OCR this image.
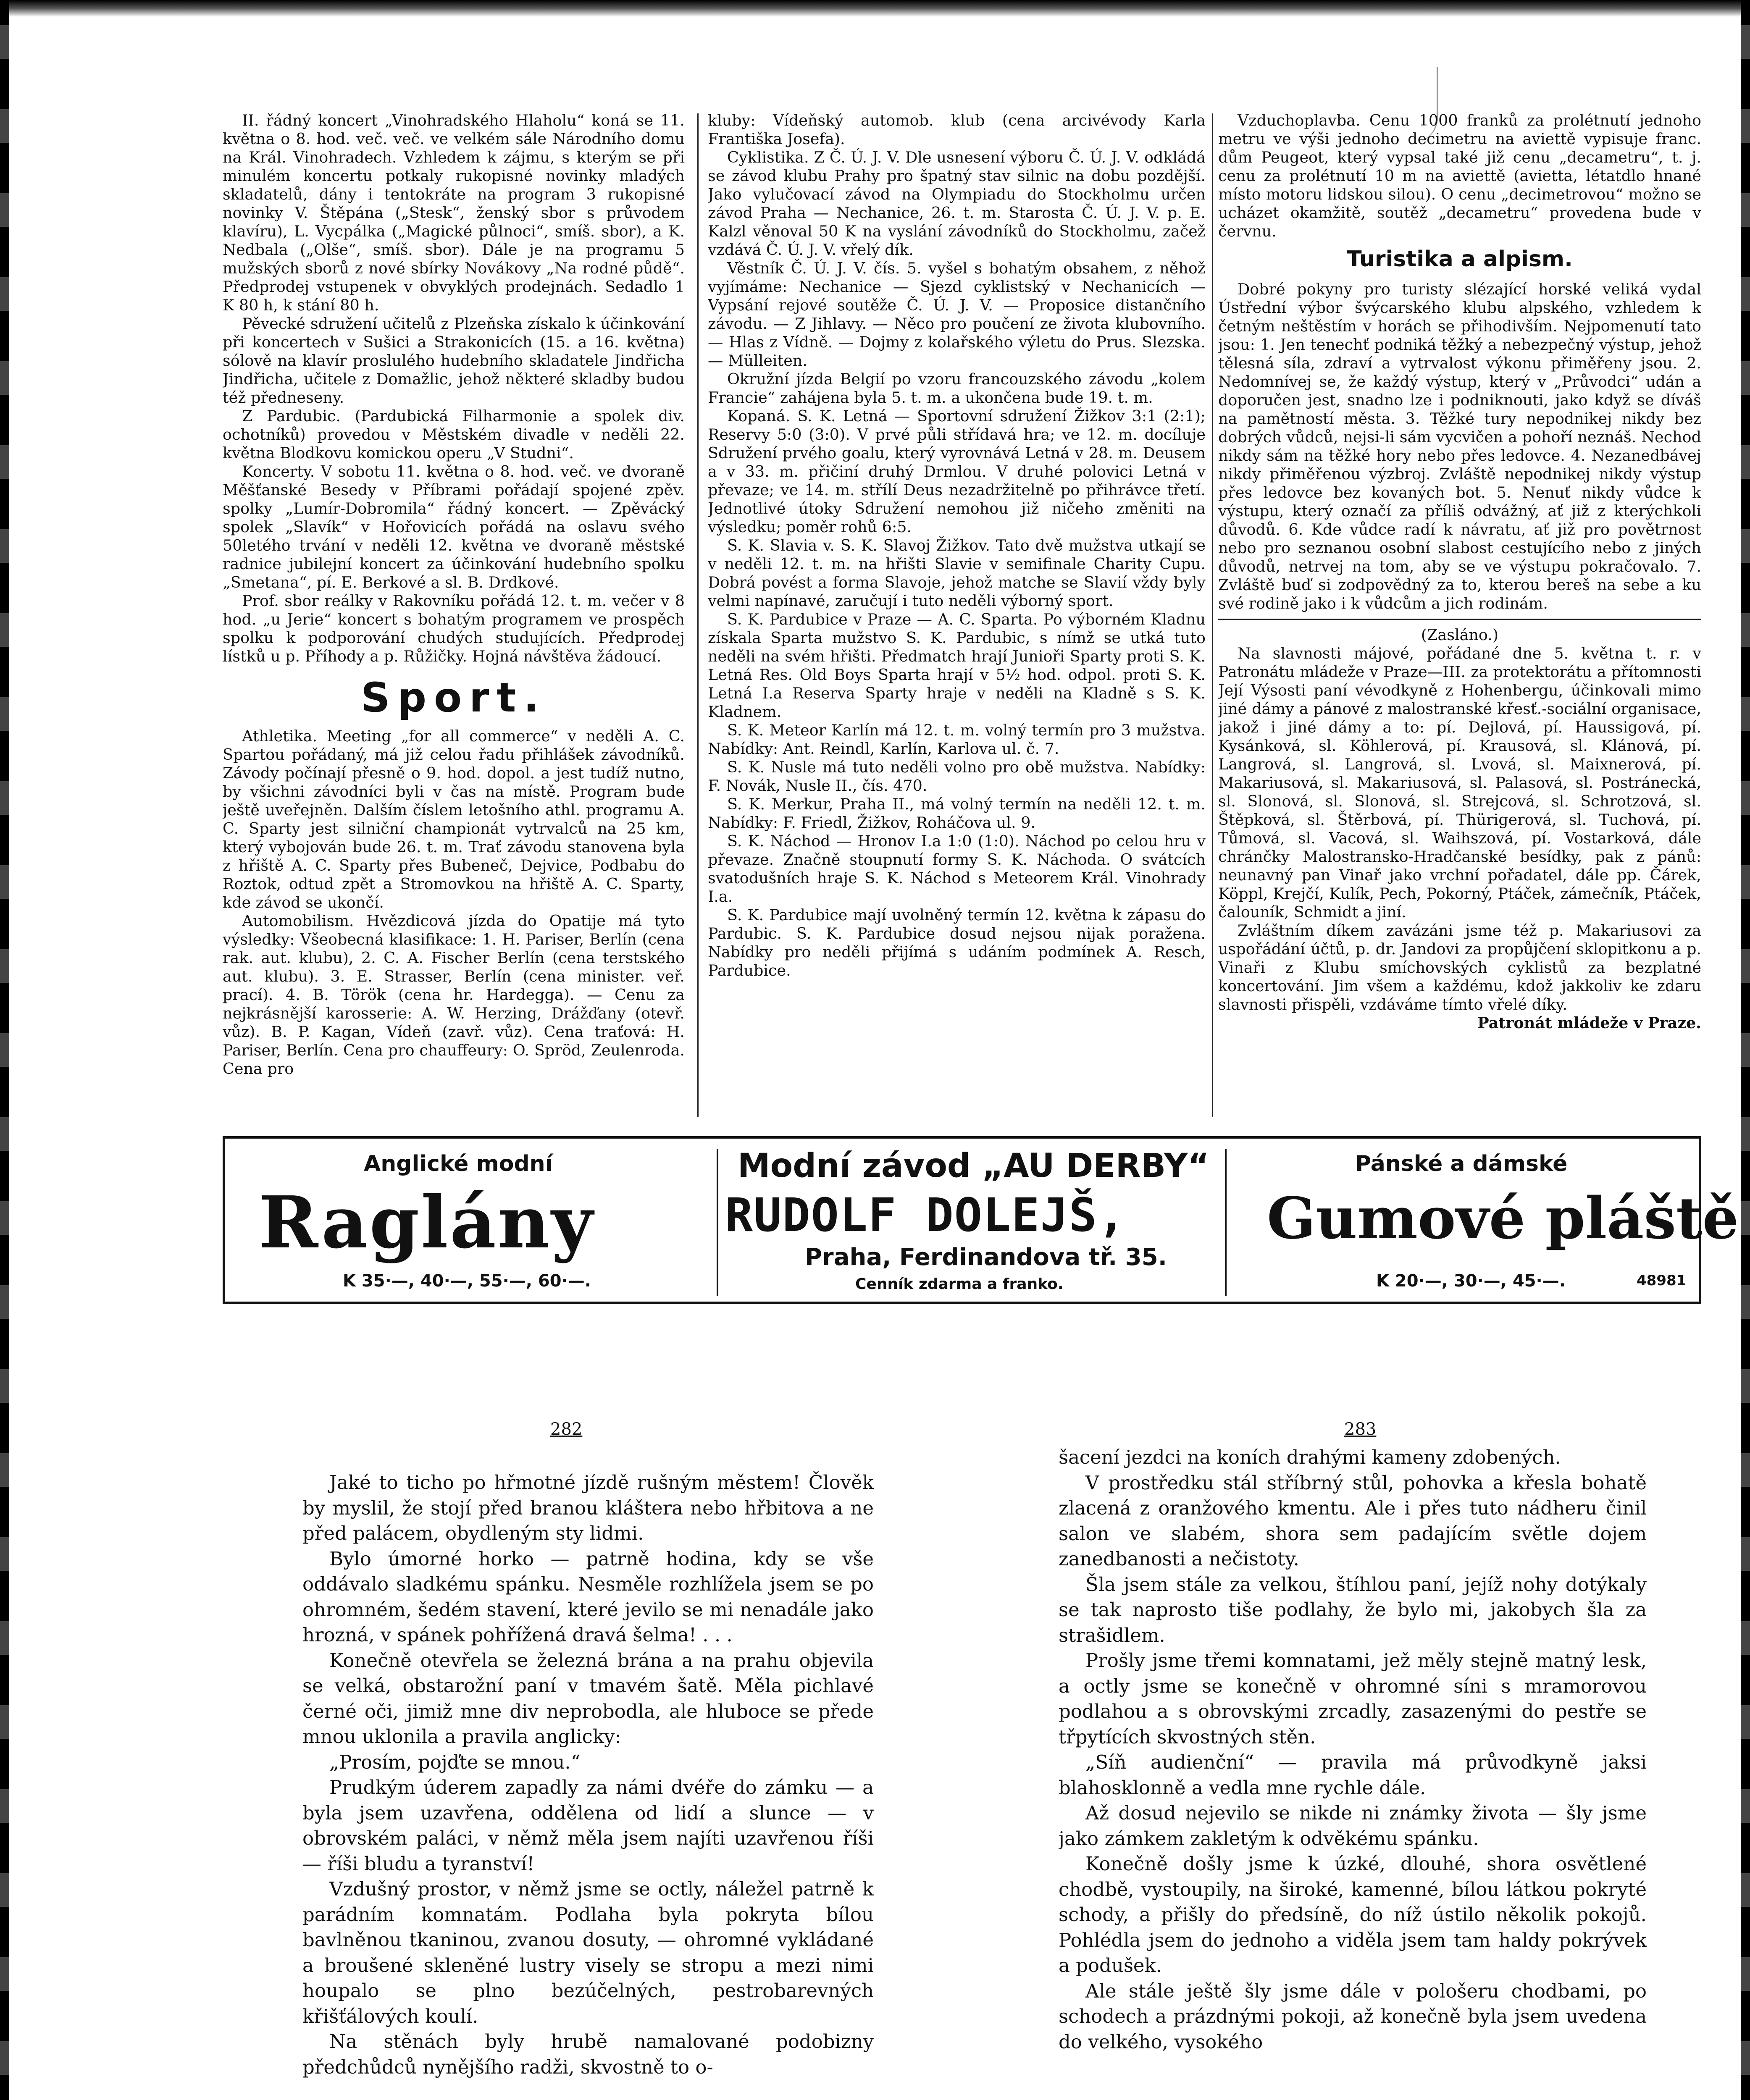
II. řádný koncert „Vinohradského Hlaholu“ koná se 11. května o 8. hod. več. več. ve velkém sále Národního domu na Král. Vinohradech. Vzhledem k zájmu, s kterým se při minulém koncertu potkaly rukopisné novinky mladých skladatelů, dány i tentokráte na program 3 rukopisné novinky V. Štěpána („Stesk“, ženský sbor s průvodem klavíru), L. Vycpálka („Magické půlnoci“, smíš. sbor), a K. Nedbala („Olše“, smíš. sbor). Dále je na programu 5 mužských sborů z nové sbírky Novákovy „Na rodné půdě“. Předprodej vstupenek v obvyklých prodejnách. Sedadlo 1 K 80 h, k stání 80 h.

Pěvecké sdružení učitelů z Plzeňska získalo k účinkování při koncertech v Sušici a Strakonicích (15. a 16. května) sólově na klavír proslulého hudebního skladatele Jindřicha Jindřicha, učitele z Domažlic, jehož některé skladby budou též předneseny.

Z Pardubic. (Pardubická Filharmonie a spolek div. ochotníků) provedou v Městském divadle v neděli 22. května Blodkovu komickou operu „V Studni“.

Koncerty. V sobotu 11. května o 8. hod. več. ve dvoraně Měšťanské Besedy v Příbrami pořádají spojené zpěv. spolky „Lumír-Dobromila“ řádný koncert. — Zpěvácký spolek „Slavík“ v Hořovicích pořádá na oslavu svého 50letého trvání v neděli 12. května ve dvoraně městské radnice jubilejní koncert za účinkování hudebního spolku „Smetana“, pí. E. Berkové a sl. B. Drdkové.

Prof. sbor reálky v Rakovníku pořádá 12. t. m. večer v 8 hod. „u Jerie“ koncert s bohatým programem ve prospěch spolku k podporování chudých studujících. Předprodej lístků u p. Příhody a p. Růžičky. Hojná návštěva žádoucí.

Sport.

Athletika. Meeting „for all commerce“ v neděli A. C. Spartou pořádaný, má již celou řadu přihlášek závodníků. Závody počínají přesně o 9. hod. dopol. a jest tudíž nutno, by všichni závodníci byli v čas na místě. Program bude ještě uveřejněn. Dalším číslem letošního athl. programu A. C. Sparty jest silniční championát vytrvalců na 25 km, který vybojován bude 26. t. m. Trať závodu stanovena byla z hřiště A. C. Sparty přes Bubeneč, Dejvice, Podbabu do Roztok, odtud zpět a Stromovkou na hřiště A. C. Sparty, kde závod se ukončí.

Automobilism. Hvězdicová jízda do Opatije má tyto výsledky: Všeobecná klasifikace: 1. H. Pariser, Berlín (cena rak. aut. klubu), 2. C. A. Fischer Berlín (cena terstského aut. klubu). 3. E. Strasser, Berlín (cena minister. veř. prací). 4. B. Török (cena hr. Hardegga). — Cenu za nejkrásnější karosserie: A. W. Herzing, Drážďany (otevř. vůz). B. P. Kagan, Vídeň (zavř. vůz). Cena traťová: H. Pariser, Berlín. Cena pro chauffeury: O. Spröd, Zeulenroda. Cena pro

kluby: Vídeňský automob. klub (cena arcivévody Karla Františka Josefa).

Cyklistika. Z Č. Ú. J. V. Dle usnesení výboru Č. Ú. J. V. odkládá se závod klubu Prahy pro špatný stav silnic na dobu pozdější. Jako vylučovací závod na Olympiadu do Stockholmu určen závod Praha — Nechanice, 26. t. m. Starosta Č. Ú. J. V. p. E. Kalzl věnoval 50 K na vyslání závodníků do Stockholmu, začež vzdává Č. Ú. J. V. vřelý dík.

Věstník Č. Ú. J. V. čís. 5. vyšel s bohatým obsahem, z něhož vyjímáme: Nechanice — Sjezd cyklistský v Nechanicích — Vypsání rejové soutěže Č. Ú. J. V. — Proposice distančního závodu. — Z Jihlavy. — Něco pro poučení ze života klubovního. — Hlas z Vídně. — Dojmy z kolařského výletu do Prus. Slezska. — Mülleiten.

Okružní jízda Belgií po vzoru francouzského závodu „kolem Francie“ zahájena byla 5. t. m. a ukončena bude 19. t. m.

Kopaná. S. K. Letná — Sportovní sdružení Žižkov 3:1 (2:1); Reservy 5:0 (3:0). V prvé půli střídavá hra; ve 12. m. docíluje Sdružení prvého goalu, který vyrovnává Letná v 28. m. Deusem a v 33. m. přičiní druhý Drmlou. V druhé polovici Letná v převaze; ve 14. m. střílí Deus nezadržitelně po přihrávce třetí. Jednotlivé útoky Sdružení nemohou již ničeho změniti na výsledku; poměr rohů 6:5.

S. K. Slavia v. S. K. Slavoj Žižkov. Tato dvě mužstva utkají se v neděli 12. t. m. na hřišti Slavie v semifinale Charity Cupu. Dobrá povést a forma Slavoje, jehož matche se Slavií vždy byly velmi napínavé, zaručují i tuto neděli výborný sport.

S. K. Pardubice v Praze — A. C. Sparta. Po výborném Kladnu získala Sparta mužstvo S. K. Pardubic, s nímž se utká tuto neděli na svém hřišti. Předmatch hrají Junioři Sparty proti S. K. Letná Res. Old Boys Sparta hrají v 5½ hod. odpol. proti S. K. Letná I.a Reserva Sparty hraje v neděli na Kladně s S. K. Kladnem.

S. K. Meteor Karlín má 12. t. m. volný termín pro 3 mužstva. Nabídky: Ant. Reindl, Karlín, Karlova ul. č. 7.

S. K. Nusle má tuto neděli volno pro obě mužstva. Nabídky: F. Novák, Nusle II., čís. 470.

S. K. Merkur, Praha II., má volný termín na neděli 12. t. m. Nabídky: F. Friedl, Žižkov, Roháčova ul. 9.

S. K. Náchod — Hronov I.a 1:0 (1:0). Náchod po celou hru v převaze. Značně stoupnutí formy S. K. Náchoda. O svátcích svatodušních hraje S. K. Náchod s Meteorem Král. Vinohrady I.a.

S. K. Pardubice mají uvolněný termín 12. května k zápasu do Pardubic. S. K. Pardubice dosud nejsou nijak poražena. Nabídky pro neděli přijímá s udáním podmínek A. Resch, Pardubice.

Vzduchoplavba. Cenu 1000 franků za prolétnutí jednoho metru ve výši jednoho decimetru na aviettě vypisuje franc. dům Peugeot, který vypsal také již cenu „decametru“, t. j. cenu za prolétnutí 10 m na aviettě (avietta, létatdlo hnané místo motoru lidskou silou). O cenu „decimetrovou“ možno se ucházet okamžitě, soutěž „decametru“ provedena bude v červnu.

Turistika a alpism.

Dobré pokyny pro turisty slézající horské veliká vydal Ústřední výbor švýcarského klubu alpského, vzhledem k četným neštěstím v horách se přihodivším. Nejpomenutí tato jsou: 1. Jen tenechť podniká těžký a nebezpečný výstup, jehož tělesná síla, zdraví a vytrvalost výkonu přiměřeny jsou. 2. Nedomnívej se, že každý výstup, který v „Průvodci“ udán a doporučen jest, snadno lze i podniknouti, jako když se díváš na pamětností města. 3. Těžké tury nepodnikej nikdy bez dobrých vůdců, nejsi-li sám vycvičen a pohoří neznáš. Nechoď nikdy sám na těžké hory nebo přes ledovce. 4. Nezanedbávej nikdy přiměřenou výzbroj. Zvláště nepodnikej nikdy výstup přes ledovce bez kovaných bot. 5. Nenuť nikdy vůdce k výstupu, který označí za příliš odvážný, ať již z kterýchkoli důvodů. 6. Kde vůdce radí k návratu, ať již pro povětrnost nebo pro seznanou osobní slabost cestujícího nebo z jiných důvodů, netrvej na tom, aby se ve výstupu pokračovalo. 7. Zvláště buď si zodpovědný za to, kterou bereš na sebe a ku své rodině jako i k vůdcům a jich rodinám.

(Zasláno.)

Na slavnosti májové, pořádané dne 5. května t. r. v Patronátu mládeže v Praze—III. za protektorátu a přítomnosti Její Výsosti paní vévodkyně z Hohenbergu, účinkovali mimo jiné dámy a pánové z malostranské křesť.-sociální organisace, jakož i jiné dámy a to: pí. Dejlová, pí. Haussigová, pí. Kysánková, sl. Köhlerová, pí. Krausová, sl. Klánová, pí. Langrová, sl. Langrová, sl. Lvová, sl. Maixnerová, pí. Makariusová, sl. Makariusová, sl. Palasová, sl. Postránecká, sl. Slonová, sl. Slonová, sl. Strejcová, sl. Schrotzová, sl. Štěpková, sl. Štěrbová, pí. Thürigerová, sl. Tuchová, pí. Tůmová, sl. Vacová, sl. Waihszová, pí. Vostarková, dále chránčky Malostransko-Hradčanské besídky, pak z pánů: neunavný pan Vinař jako vrchní pořadatel, dále pp. Čárek, Köppl, Krejčí, Kulík, Pech, Pokorný, Ptáček, zámečník, Ptáček, čalouník, Schmidt a jiní.

Zvláštním díkem zavázáni jsme též p. Makariusovi za uspořádání účtů, p. dr. Jandovi za propůjčení sklopitkonu a p. Vinaři z Klubu smíchovských cyklistů za bezplatné koncertování. Jim všem a každému, kdož jakkoliv ke zdaru slavnosti přispěli, vzdáváme tímto vřelé díky.

Patronát mládeže v Praze.

Anglické modní
Raglány
K 35·—, 40·—, 55·—, 60·—.
Modní závod „AU DERBY“
RUDOLF DOLEJŠ,
Praha, Ferdinandova tř. 35.
Cenník zdarma a franko.
Pánské a dámské
Gumové pláště
K 20·—, 30·—, 45·—.	48981
282	283

Jaké to ticho po hřmotné jízdě rušným městem! Člověk by myslil, že stojí před branou kláštera nebo hřbitova a ne před palácem, obydleným sty lidmi.

Bylo úmorné horko — patrně hodina, kdy se vše oddávalo sladkému spánku. Nesměle rozhlížela jsem se po ohromném, šedém stavení, které jevilo se mi nenadále jako hrozná, v spánek pohřížená dravá šelma! . . .

Konečně otevřela se železná brána a na prahu objevila se velká, obstarožní paní v tmavém šatě. Měla pichlavé černé oči, jimiž mne div neprobodla, ale hluboce se přede mnou uklonila a pravila anglicky:

„Prosím, pojďte se mnou.“

Prudkým úderem zapadly za námi dvéře do zámku — a byla jsem uzavřena, oddělena od lidí a slunce — v obrovském paláci, v němž měla jsem najíti uzavřenou říši — říši bludu a tyranství!

Vzdušný prostor, v němž jsme se octly, náležel patrně k parádním komnatám. Podlaha byla pokryta bílou bavlněnou tkaninou, zvanou dosuty, — ohromné vykládané a broušené skleněné lustry visely se stropu a mezi nimi houpalo se plno bezúčelných, pestrobarevných křišťálových koulí.

Na stěnách byly hrubě namalované podobizny předchůdců nynějšího radži, skvostně to o-

šacení jezdci na koních drahými kameny zdobených.

V prostředku stál stříbrný stůl, pohovka a křesla bohatě zlacená z oranžového kmentu. Ale i přes tuto nádheru činil salon ve slabém, shora sem padajícím světle dojem zanedbanosti a nečistoty.

Šla jsem stále za velkou, štíhlou paní, jejíž nohy dotýkaly se tak naprosto tiše podlahy, že bylo mi, jakobych šla za strašidlem.

Prošly jsme třemi komnatami, jež měly stejně matný lesk, a octly jsme se konečně v ohromné síni s mramorovou podlahou a s obrovskými zrcadly, zasazenými do pestře se třpytících skvostných stěn.

„Síň audienční“ — pravila má průvodkyně jaksi blahosklonně a vedla mne rychle dále.

Až dosud nejevilo se nikde ni známky života — šly jsme jako zámkem zakletým k odvěkému spánku.

Konečně došly jsme k úzké, dlouhé, shora osvětlené chodbě, vystoupily, na široké, kamenné, bílou látkou pokryté schody, a přišly do předsíně, do níž ústilo několik pokojů. Pohlédla jsem do jednoho a viděla jsem tam haldy pokrývek a podušek.

Ale stále ještě šly jsme dále v pološeru chodbami, po schodech a prázdnými pokoji, až konečně byla jsem uvedena do velkého, vysokého
